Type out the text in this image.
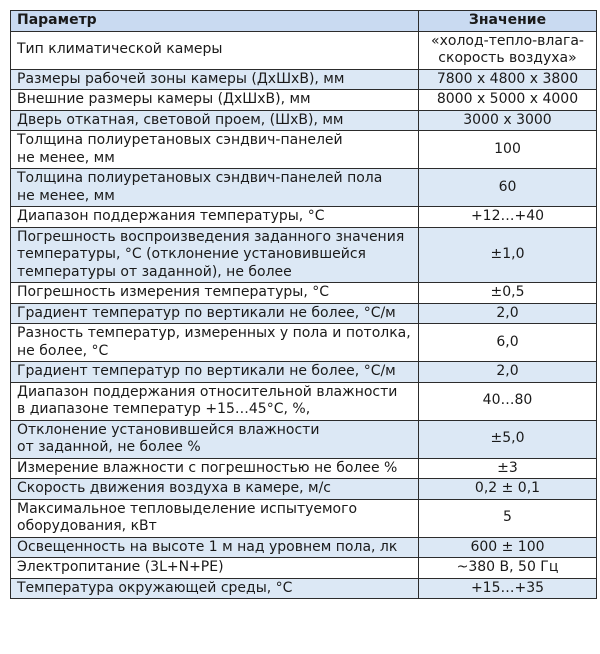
Параметр	Значение
Тип климатической камеры	«холод-тепло-влага-
скорость воздуха»
Размеры рабочей зоны камеры (ДхШхВ), мм	7800 х 4800 х 3800
Внешние размеры камеры (ДхШхВ), мм	8000 х 5000 х 4000
Дверь откатная, световой проем, (ШхВ), мм	3000 х 3000
Толщина полиуретановых сэндвич-панелей
не менее, мм	100
Толщина полиуретановых сэндвич-панелей пола
не менее, мм	60
Диапазон поддержания температуры, °С	+12…+40
Погрешность воспроизведения заданного значения
температуры, °С (отклонение установившейся
температуры от заданной), не более	±1,0
Погрешность измерения температуры, °С	±0,5
Градиент температур по вертикали не более, °С/м	2,0
Разность температур, измеренных у пола и потолка,
не более, °С	6,0
Градиент температур по вертикали не более, °С/м	2,0
Диапазон поддержания относительной влажности
в диапазоне температур +15…45°С, %,	40…80
Отклонение установившейся влажности
от заданной, не более %	±5,0
Измерение влажности с погрешностью не более %	±3
Скорость движения воздуха в камере, м/с	0,2 ± 0,1
Максимальное тепловыделение испытуемого
оборудования, кВт	5
Освещенность на высоте 1 м над уровнем пола, лк	600 ± 100
Электропитание (3L+N+PE)	~380 В, 50 Гц
Температура окружающей среды, °С	+15…+35
